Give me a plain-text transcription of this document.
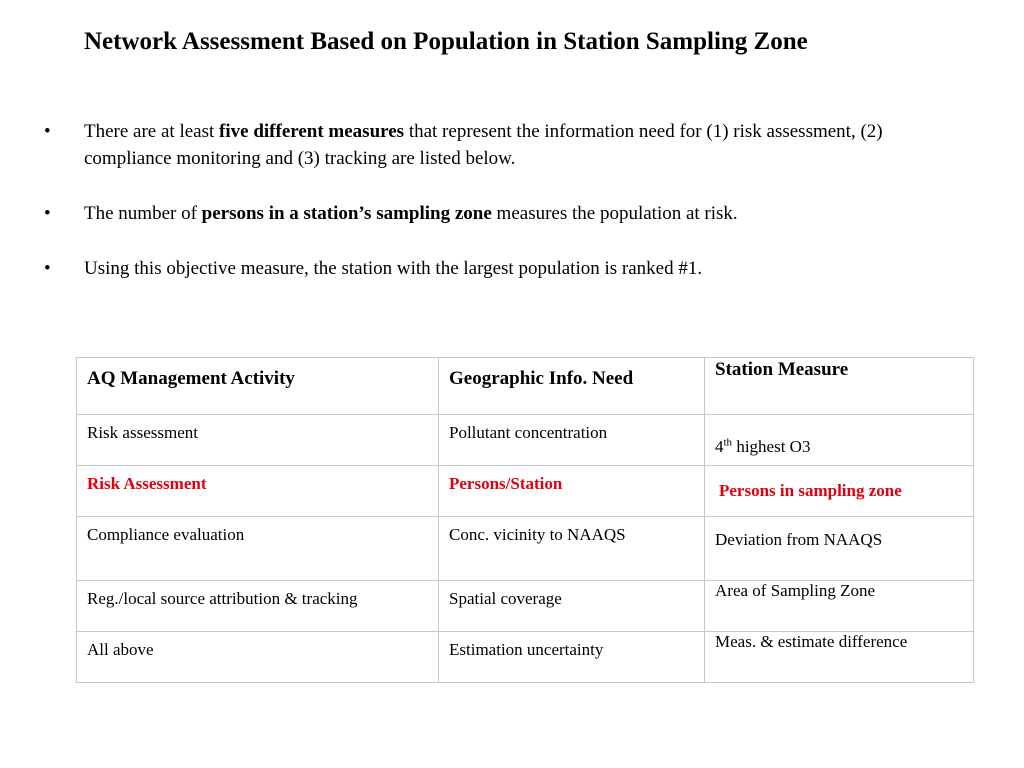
Network Assessment Based on Population in Station Sampling Zone
• There are at least five different measures that represent the information need for (1) risk assessment, (2) compliance monitoring and (3) tracking are listed below.
• The number of persons in a station’s sampling zone measures the population at risk.
• Using this objective measure, the station with the largest population is ranked #1.
AQ Management Activity	Geographic Info. Need	Station Measure

Risk assessment	Pollutant concentration	4th highest O3

Risk Assessment	Persons/Station	Persons in sampling zone

Compliance evaluation	Conc. vicinity to NAAQS	Deviation from NAAQS

Reg./local source attribution & tracking	Spatial coverage	Area of Sampling Zone

All above	Estimation uncertainty	Meas. & estimate difference
